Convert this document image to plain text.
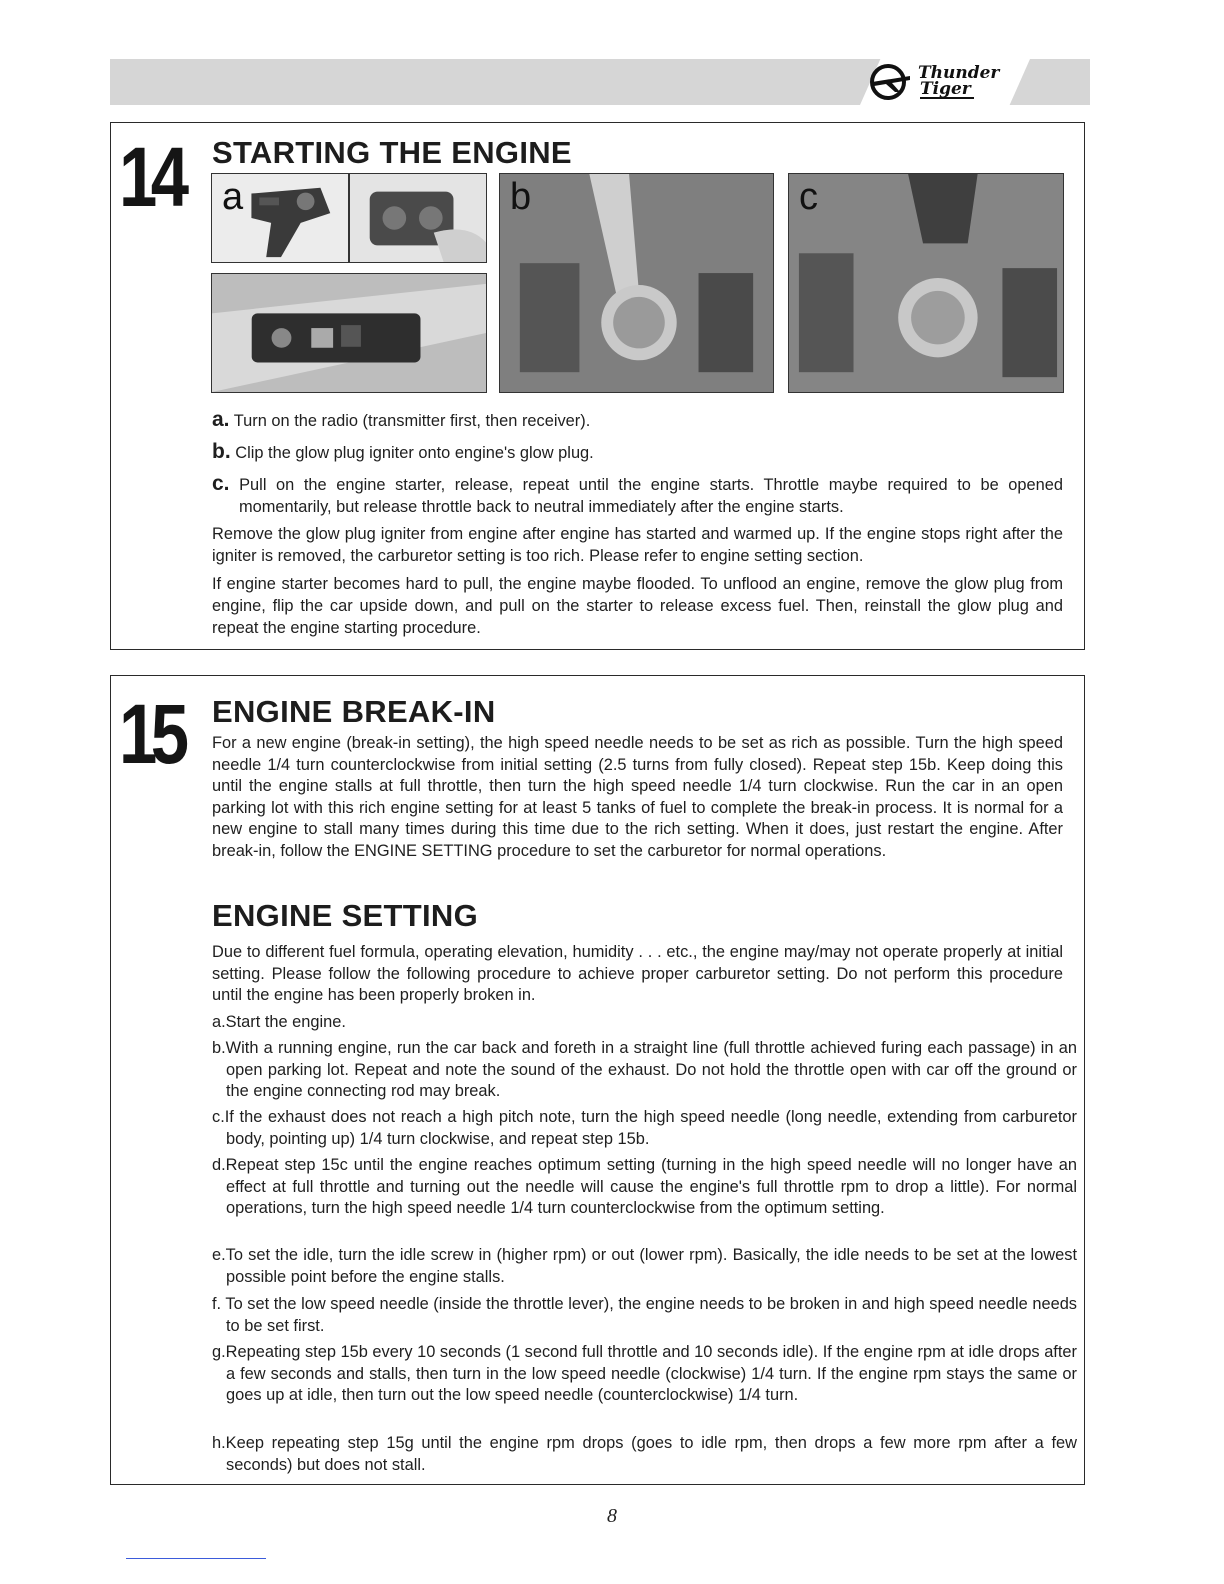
Thunder
Tiger
14 STARTING THE ENGINE
a	b	c

a. Turn on the radio (transmitter first, then receiver).

b. Clip the glow plug igniter onto engine's glow plug.

c. Pull on the engine starter, release, repeat until the engine starts. Throttle maybe required to be opened momentarily, but release throttle back to neutral immediately after the engine starts.

Remove the glow plug igniter from engine after engine has started and warmed up. If the engine stops right after the igniter is removed, the carburetor setting is too rich. Please refer to engine setting section.

If engine starter becomes hard to pull, the engine maybe flooded. To unflood an engine, remove the glow plug from engine, flip the car upside down, and pull on the starter to release excess fuel. Then, reinstall the glow plug and repeat the engine starting procedure.

15 ENGINE BREAK-IN

For a new engine (break-in setting), the high speed needle needs to be set as rich as possible. Turn the high speed needle 1/4 turn counterclockwise from initial setting (2.5 turns from fully closed). Repeat step 15b. Keep doing this until the engine stalls at full throttle, then turn the high speed needle 1/4 turn clockwise. Run the car in an open parking lot with this rich engine setting for at least 5 tanks of fuel to complete the break-in process. It is normal for a new engine to stall many times during this time due to the rich setting. When it does, just restart the engine. After break-in, follow the ENGINE SETTING procedure to set the carburetor for normal operations.

ENGINE SETTING

Due to different fuel formula, operating elevation, humidity . . . etc., the engine may/may not operate properly at initial setting. Please follow the following procedure to achieve proper carburetor setting. Do not perform this procedure until the engine has been properly broken in.

a.Start the engine.

b.With a running engine, run the car back and foreth in a straight line (full throttle achieved furing each passage) in an open parking lot. Repeat and note the sound of the exhaust. Do not hold the throttle open with car off the ground or the engine connecting rod may break.

c.If the exhaust does not reach a high pitch note, turn the high speed needle (long needle, extending from carburetor body, pointing up) 1/4 turn clockwise, and repeat step 15b.

d.Repeat step 15c until the engine reaches optimum setting (turning in the high speed needle will no longer have an effect at full throttle and turning out the needle will cause the engine's full throttle rpm to drop a little). For normal operations, turn the high speed needle 1/4 turn counterclockwise from the optimum setting.

e.To set the idle, turn the idle screw in (higher rpm) or out (lower rpm). Basically, the idle needs to be set at the lowest possible point before the engine stalls.

f. To set the low speed needle (inside the throttle lever), the engine needs to be broken in and high speed needle needs to be set first.

g.Repeating step 15b every 10 seconds (1 second full throttle and 10 seconds idle). If the engine rpm at idle drops after a few seconds and stalls, then turn in the low speed needle (clockwise) 1/4 turn. If the engine rpm stays the same or goes up at idle, then turn out the low speed needle (counterclockwise) 1/4 turn.

h.Keep repeating step 15g until the engine rpm drops (goes to idle rpm, then drops a few more rpm after a few seconds) but does not stall.

8
